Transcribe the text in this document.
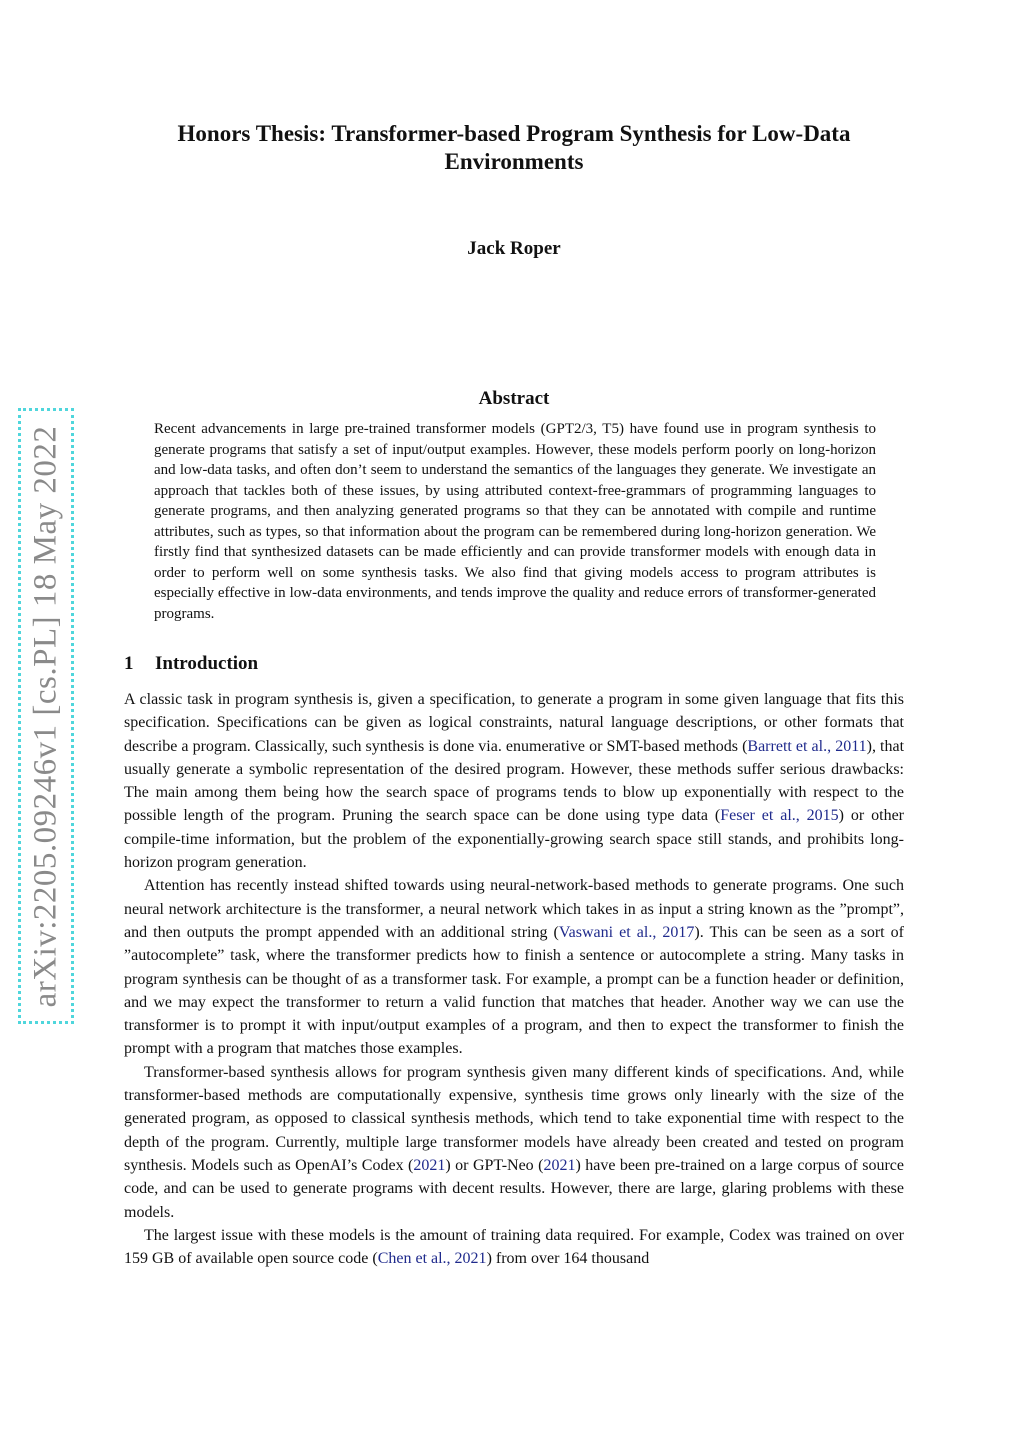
arXiv:2205.09246v1 [cs.PL] 18 May 2022
Honors Thesis: Transformer-based Program Synthesis for Low-Data Environments
Jack Roper
Abstract

Recent advancements in large pre-trained transformer models (GPT2/3, T5) have found use in program synthesis to generate programs that satisfy a set of input/output examples. However, these models perform poorly on long-horizon and low-data tasks, and often don’t seem to understand the semantics of the languages they generate. We investigate an approach that tackles both of these issues, by using attributed context-free-grammars of programming languages to generate programs, and then analyzing generated programs so that they can be annotated with compile and runtime attributes, such as types, so that information about the program can be remembered during long-horizon generation. We firstly find that synthesized datasets can be made efficiently and can provide transformer models with enough data in order to perform well on some synthesis tasks. We also find that giving models access to program attributes is especially effective in low-data environments, and tends improve the quality and reduce errors of transformer-generated programs.

1 Introduction

A classic task in program synthesis is, given a specification, to generate a program in some given language that fits this specification. Specifications can be given as logical constraints, natural language descriptions, or other formats that describe a program. Classically, such synthesis is done via. enumerative or SMT-based methods (Barrett et al., 2011), that usually generate a symbolic representation of the desired program. However, these methods suffer serious drawbacks: The main among them being how the search space of programs tends to blow up exponentially with respect to the possible length of the program. Pruning the search space can be done using type data (Feser et al., 2015) or other compile-time information, but the problem of the exponentially-growing search space still stands, and prohibits long-horizon program generation.

Attention has recently instead shifted towards using neural-network-based methods to generate programs. One such neural network architecture is the transformer, a neural network which takes in as input a string known as the ”prompt”, and then outputs the prompt appended with an additional string (Vaswani et al., 2017). This can be seen as a sort of ”autocomplete” task, where the transformer predicts how to finish a sentence or autocomplete a string. Many tasks in program synthesis can be thought of as a transformer task. For example, a prompt can be a function header or definition, and we may expect the transformer to return a valid function that matches that header. Another way we can use the transformer is to prompt it with input/output examples of a program, and then to expect the transformer to finish the prompt with a program that matches those examples.

Transformer-based synthesis allows for program synthesis given many different kinds of specifications. And, while transformer-based methods are computationally expensive, synthesis time grows only linearly with the size of the generated program, as opposed to classical synthesis methods, which tend to take exponential time with respect to the depth of the program. Currently, multiple large transformer models have already been created and tested on program synthesis. Models such as OpenAI’s Codex (2021) or GPT-Neo (2021) have been pre-trained on a large corpus of source code, and can be used to generate programs with decent results. However, there are large, glaring problems with these models.

The largest issue with these models is the amount of training data required. For example, Codex was trained on over 159 GB of available open source code (Chen et al., 2021) from over 164 thousand
